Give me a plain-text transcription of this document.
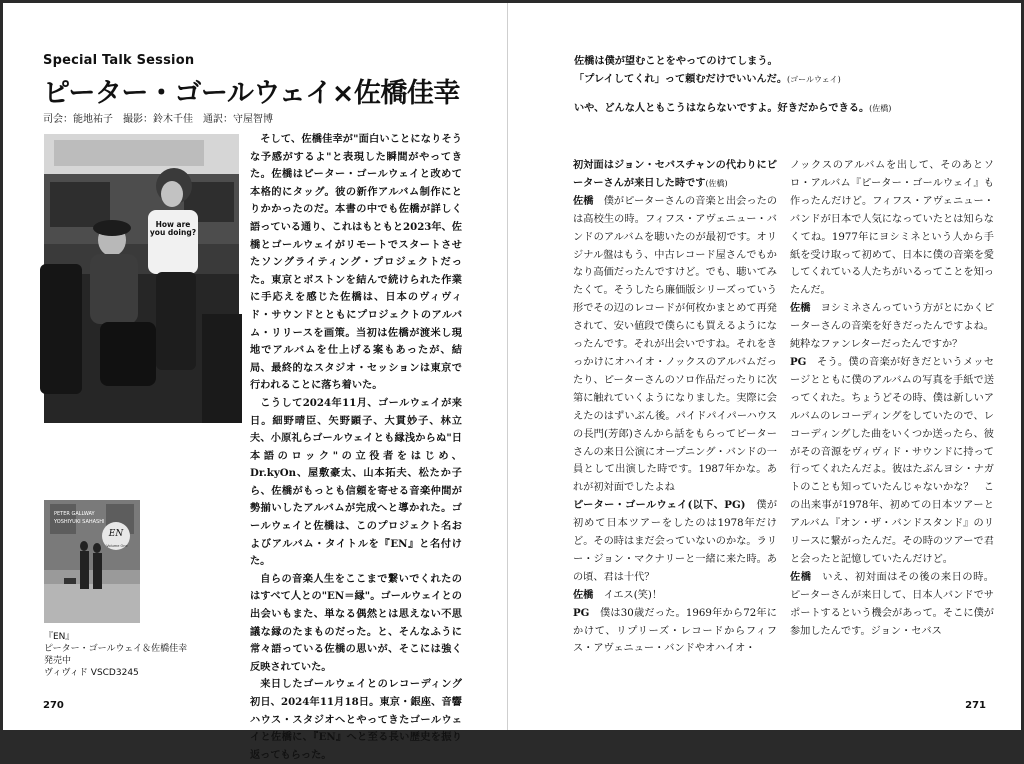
Special Talk Session
ピーター・ゴールウェイ×佐橋佳幸
司会：能地祐子　撮影：鈴木千佳　通訳：守屋智博
How are you doing?

そして、佐橋佳幸が"面白いことになりそうな予感がするよ"と表現した瞬間がやってきた。佐橋はピーター・ゴールウェイと改めて本格的にタッグ。彼の新作アルバム制作にとりかかったのだ。本書の中でも佐橋が詳しく語っている通り、これはもともと2023年、佐橋とゴールウェイがリモートでスタートさせたソングライティング・プロジェクトだった。東京とボストンを結んで続けられた作業に手応えを感じた佐橋は、日本のヴィヴィド・サウンドとともにプロジェクトのアルバム・リリースを画策。当初は佐橋が渡米し現地でアルバムを仕上げる案もあったが、結局、最終的なスタジオ・セッションは東京で行われることに落ち着いた。

こうして2024年11月、ゴールウェイが来日。細野晴臣、矢野顕子、大貫妙子、林立夫、小原礼らゴールウェイとも縁浅からぬ"日本語のロック"の立役者をはじめ、Dr.kyOn、屋敷豪太、山本拓夫、松たか子ら、佐橋がもっとも信頼を寄せる音楽仲間が勢揃いしたアルバムが完成へと導かれた。ゴールウェイと佐橋は、このプロジェクト名およびアルバム・タイトルを『EN』と名付けた。

自らの音楽人生をここまで繋いでくれたのはすべて人との"EN＝縁"。ゴールウェイとの出会いもまた、単なる偶然とは思えない不思議な縁のたまものだった。と、そんなふうに常々語っている佐橋の思いが、そこには強く反映されていた。

来日したゴールウェイとのレコーディング初日、2024年11月18日。東京・銀座、音響ハウス・スタジオへとやってきたゴールウェイと佐橋に、『EN』へと至る長い歴史を振り返ってもらった。

PETER GALLWAY
YOSHIYUKI SAHASHI
EN
Volume One
『EN』
ピーター・ゴールウェイ＆佐橋佳幸
発売中
ヴィヴィド VSCD3245
270
佐橋は僕が望むことをやってのけてしまう。
「プレイしてくれ」って頼むだけでいいんだ。(ゴールウェイ)
いや、どんな人ともこうはならないですよ。好きだからできる。(佐橋)

初対面はジョン・セバスチャンの代わりにピーターさんが来日した時です(佐橋)

佐橋　 僕がピーターさんの音楽と出会ったのは高校生の時。フィフス・アヴェニュー・バンドのアルバムを聴いたのが最初です。オリジナル盤はもう、中古レコード屋さんでもかなり高価だったんですけど。でも、聴いてみたくて。そうしたら廉価版シリーズっていう形でその辺のレコードが何枚かまとめて再発されて、安い値段で僕らにも買えるようになったんです。それが出会いですね。それをきっかけにオハイオ・ノックスのアルバムだったり、ピーターさんのソロ作品だったりに次第に触れていくようになりました。実際に会えたのはずいぶん後。パイドパイパーハウスの長門(芳郎)さんから話をもらってピーターさんの来日公演にオープニング・バンドの一員として出演した時です。1987年かな。あれが初対面でしたよね

ピーター・ゴールウェイ(以下、PG)　 僕が初めて日本ツアーをしたのは1978年だけど。その時はまだ会っていないのかな。ラリー・ジョン・マクナリーと一緒に来た時。あの頃、君は十代？

佐橋　 イエス(笑)！

PG　 僕は30歳だった。1969年から72年にかけて、リプリーズ・レコードからフィフス・アヴェニュー・バンドやオハイオ・

ノックスのアルバムを出して、そのあとソロ・アルバム『ピーター・ゴールウェイ』も作ったんだけど。フィフス・アヴェニュー・バンドが日本で人気になっていたとは知らなくてね。1977年にヨシミネという人から手紙を受け取って初めて、日本に僕の音楽を愛してくれている人たちがいるってことを知ったんだ。

佐橋　 ヨシミネさんっていう方がとにかくピーターさんの音楽を好きだったんですよね。純粋なファンレターだったんですか？

PG　 そう。僕の音楽が好きだというメッセージとともに僕のアルバムの写真を手紙で送ってくれた。ちょうどその時、僕は新しいアルバムのレコーディングをしていたので、レコーディングした曲をいくつか送ったら、彼がその音源をヴィヴィド・サウンドに持って行ってくれたんだよ。彼はたぶんヨシ・ナガトのことも知っていたんじゃないかな？　この出来事が1978年、初めての日本ツアーとアルバム『オン・ザ・バンドスタンド』のリリースに繋がったんだ。その時のツアーで君と会ったと記憶していたんだけど。

佐橋　 いえ、初対面はその後の来日の時。ピーターさんが来日して、日本人バンドでサポートするという機会があって。そこに僕が参加したんです。ジョン・セバス

271
